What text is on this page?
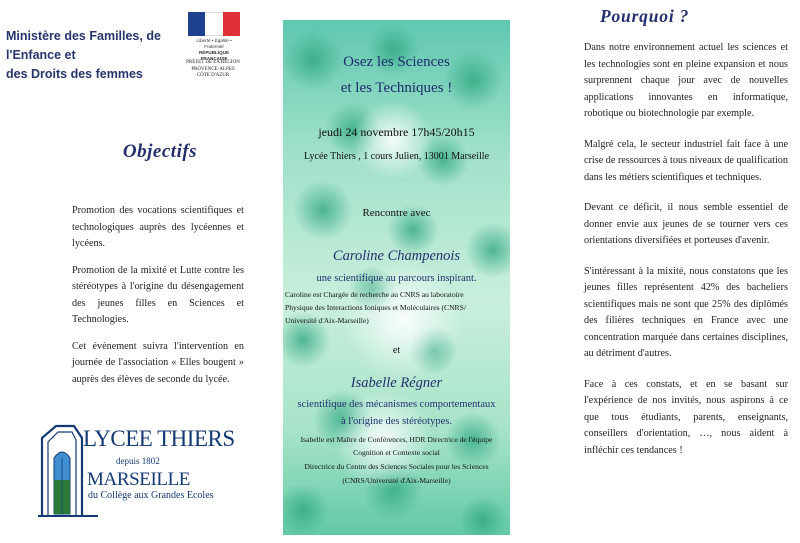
Ministère des Familles, de l'Enfance et
des Droits des femmes
Liberté • Égalité • Fraternité
RÉPUBLIQUE FRANÇAISE
PRÉFET DE LA RÉGION
PROVENCE-ALPES
CÔTE D'AZUR
Objectifs

Promotion des vocations scientifiques et technologiques auprès des lycéennes et lycéens.

Promotion de la mixité et Lutte contre les stéréotypes à l'origine du désengagement des jeunes filles en Sciences et Technologies.

Cet évènement suivra l'intervention en journée de l'association « Elles bougent » auprès des élèves de seconde du lycée.

LYCEE THIERS
depuis 1802
MARSEILLE
du Collège aux Grandes Ecoles
Osez les Sciences
et les Techniques !
jeudi 24 novembre 17h45/20h15
Lycée Thiers , 1 cours Julien, 13001 Marseille
Rencontre avec
Caroline Champenois
une scientifique au parcours inspirant.
Caroline est Chargée de recherche au CNRS au laboratoire
Physique des Interactions Ioniques et Moléculaires (CNRS/
Université d'Aix-Marseille)
et
Isabelle Régner
scientifique des mécanismes comportementaux
à l'origine des stéréotypes.
Isabelle est Maître de Conférences, HDR Directrice de l'équipe
Cognition et Contexte social
Directrice du Centre des Sciences Sociales pour les Sciences
(CNRS/Université d'Aix-Marseille)
Pourquoi ?

Dans notre environnement actuel les sciences et les technologies sont en pleine expansion et nous surprennent chaque jour avec de nouvelles applications innovantes en informatique, robotique ou biotechnologie par exemple.

Malgré cela, le secteur industriel fait face à une crise de ressources à tous niveaux de qualification dans les métiers scientifiques et techniques.

Devant ce déficit, il nous semble essentiel de donner envie aux jeunes de se tourner vers ces orientations diversifiées et porteuses d'avenir.

S'intéressant à la mixité, nous constatons que les jeunes filles représentent 42% des bacheliers scientifiques mais ne sont que 25% des diplômés des filières techniques en France avec une concentration marquée dans certaines disciplines, au détriment d'autres.

Face à ces constats, et en se basant sur l'expérience de nos invités, nous aspirons à ce que tous étudiants, parents, enseignants, conseillers d'orientation, …, nous aident à infléchir ces tendances !
